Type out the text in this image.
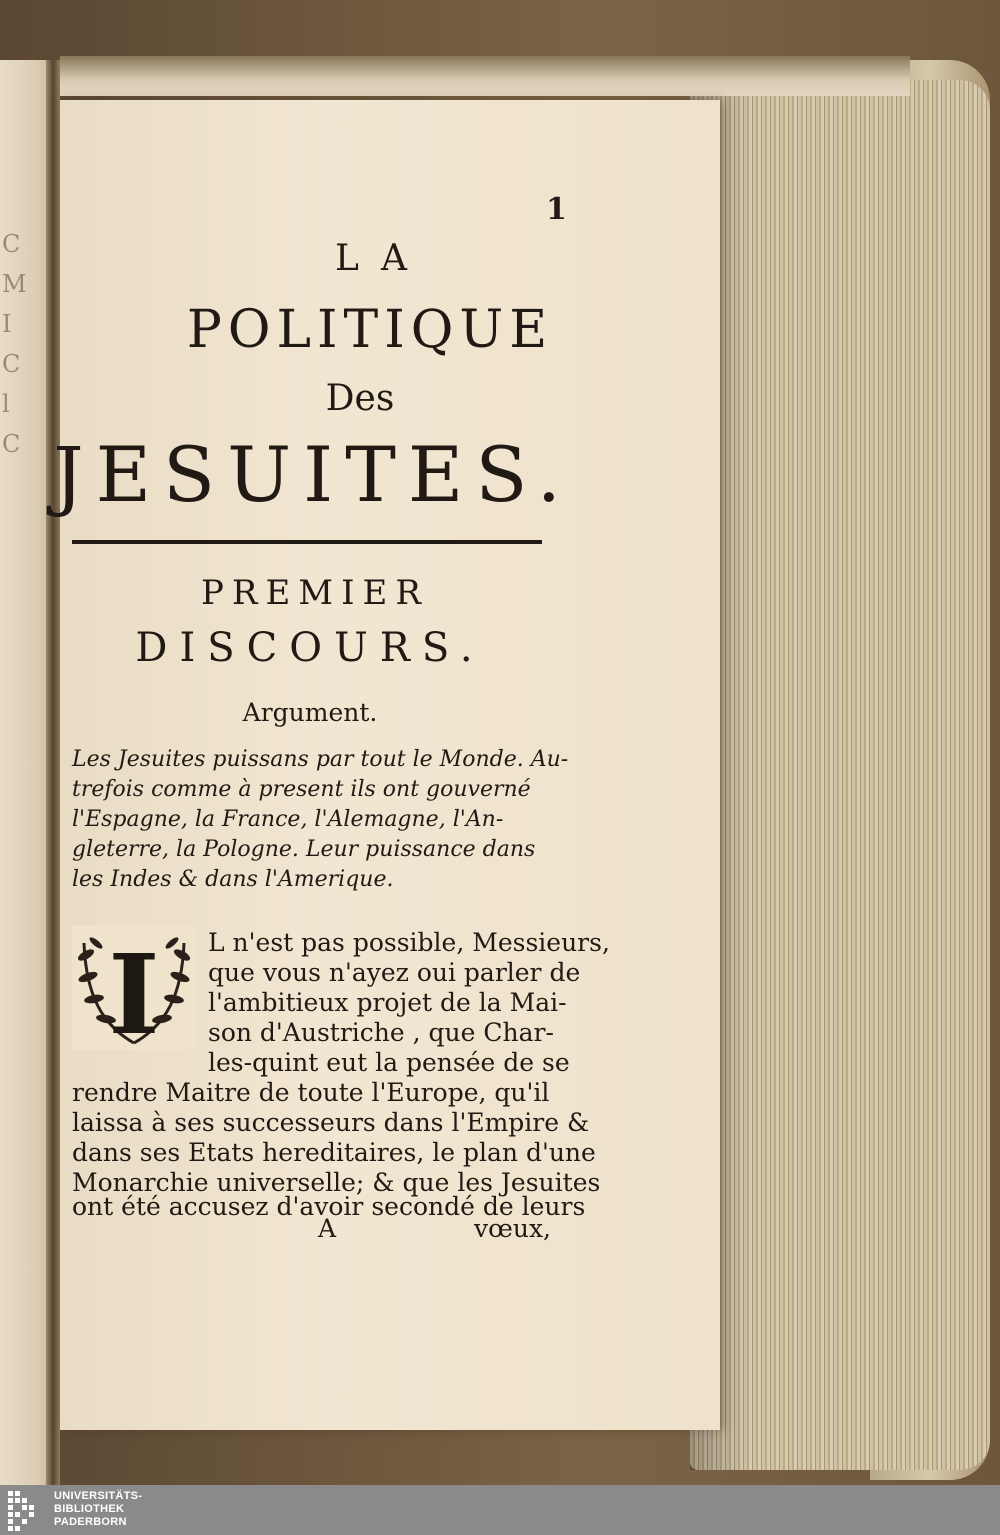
C
M
I
C
l
C
1
LA
POLITIQUE
Des
JESUITES.
PREMIER
DISCOURS.
Argument.
Les Jesuites puissans par tout le Monde. Au-
trefois comme à present ils ont gouverné
l'Espagne, la France, l'Alemagne, l'An-
gleterre, la Pologne. Leur puissance dans
les Indes & dans l'Amerique.
I L n'est pas possible, Messieurs,
que vous n'ayez oui parler de
l'ambitieux projet de la Mai-
son d'Austriche , que Char-
les-quint eut la pensée de se
rendre Maitre de toute l'Europe, qu'il
laissa à ses successeurs dans l'Empire &
dans ses Etats hereditaires, le plan d'une
Monarchie universelle; & que les Jesuites
ont été accusez d'avoir secondé de leurs
A	vœux,
UNIVERSITÄTS-
BIBLIOTHEK
PADERBORN
